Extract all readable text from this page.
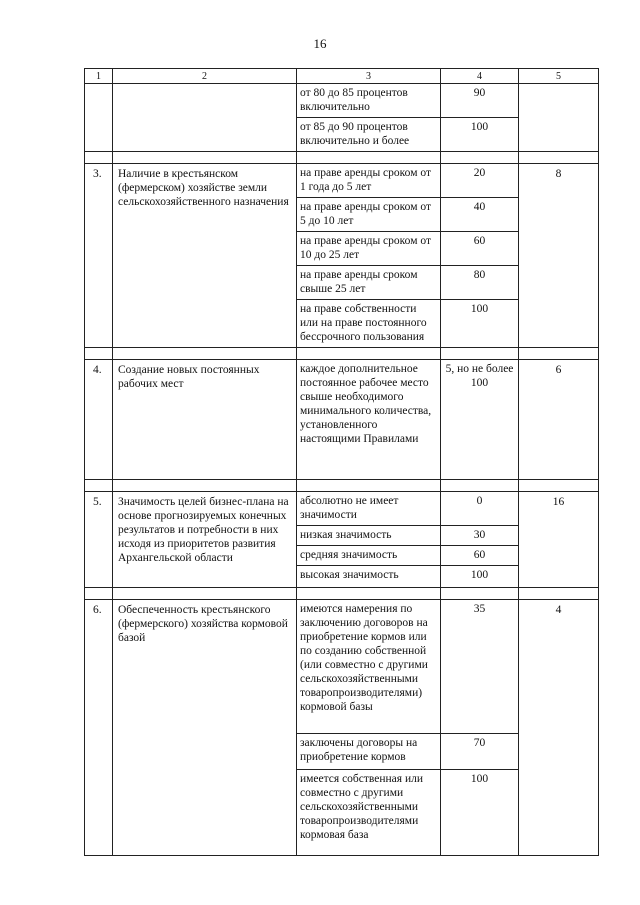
16
1	2	3	4	5
		от 80 до 85 процентов включительно	90	
		от 85 до 90 процентов включительно и более	100	

3.	Наличие в крестьянском (фермерском) хозяйстве земли сельскохозяйственного назначения	на праве аренды сроком от 1 года до 5 лет	20	8
		на праве аренды сроком от 5 до 10 лет	40	
		на праве аренды сроком от 10 до 25 лет	60	
		на праве аренды сроком свыше 25 лет	80	
		на праве собственности или на праве постоянного бессрочного пользования	100	

4.	Создание новых постоянных рабочих мест	каждое дополнительное постоянное рабочее место свыше необходимого минимального количества, установленного настоящими Правилами	5, но не более 100	6

5.	Значимость целей бизнес-плана на основе прогнозируемых конечных результатов и потребности в них исходя из приоритетов развития Архангельской области	абсолютно не имеет значимости	0	16
		низкая значимость	30	
		средняя значимость	60	
		высокая значимость	100	

6.	Обеспеченность крестьянского (фермерского) хозяйства кормовой базой	имеются намерения по заключению договоров на приобретение кормов или по созданию собственной (или совместно с другими сельскохозяйственными товаропроизводителями) кормовой базы	35	4
		заключены договоры на приобретение кормов	70	
		имеется собственная или совместно с другими сельскохозяйственными товаропроизводителями кормовая база	100	
